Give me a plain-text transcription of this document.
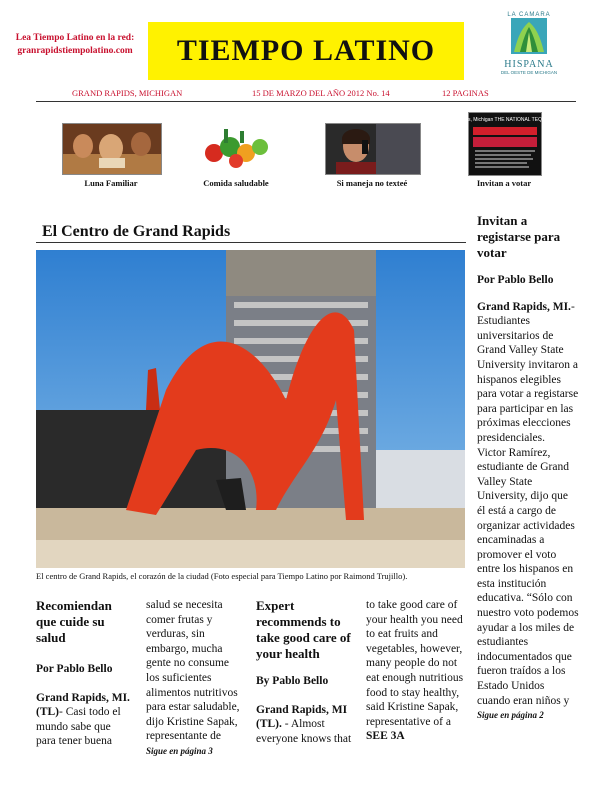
Lea Tiempo Latino en la red:
granrapidstiempolatino.com	TIEMPO LATINO
LA CAMARA
HISPANA
DEL OESTE DE MICHIGAN
GRAND RAPIDS, MICHIGAN	15 DE MARZO DEL AÑO 2012 No. 14	12 PAGINAS
Luna Familiar	Comida saludable	Si maneja no texteé
Grand Rapids, Michigan THE NATIONAL TEQUILA PARTY
Invitan a votar
El Centro de Grand Rapids
El centro de Grand Rapids, el corazón de la ciudad (Foto especial para Tiempo Latino por Raimond Trujillo).
Recomiendan que cuide su salud
Por Pablo Bello
Grand Rapids, MI. (TL)- Casi todo el mundo sabe que para tener buena
salud se necesita comer frutas y verduras, sin embargo, mucha gente no consume los suficientes alimentos nutritivos para estar saludable, dijo Kristine Sapak, representante de
Sigue en página 3
Expert recommends to take good care of your health
By Pablo Bello
Grand Rapids, MI (TL). - Almost everyone knows that
to take good care of your health you need to eat fruits and vegetables, however, many people do not eat enough nutritious food to stay healthy, said Kristine Sapak, representative of a
SEE 3A
Invitan a registarse para votar
Por Pablo Bello
Grand Rapids, MI.- Estudiantes universitarios de Grand Valley State University invitaron a hispanos elegibles para votar a registarse para participar en las próximas elecciones presidenciales.
Victor Ramírez, estudiante de Grand Valley State University, dijo que él está a cargo de organizar actividades encaminadas a promover el voto entre los hispanos en esta institución educativa. “Sólo con nuestro voto podemos ayudar a los miles de estudiantes indocumentados que fueron traídos a los Estado Unidos cuando eran niños y
Sigue en página 2
